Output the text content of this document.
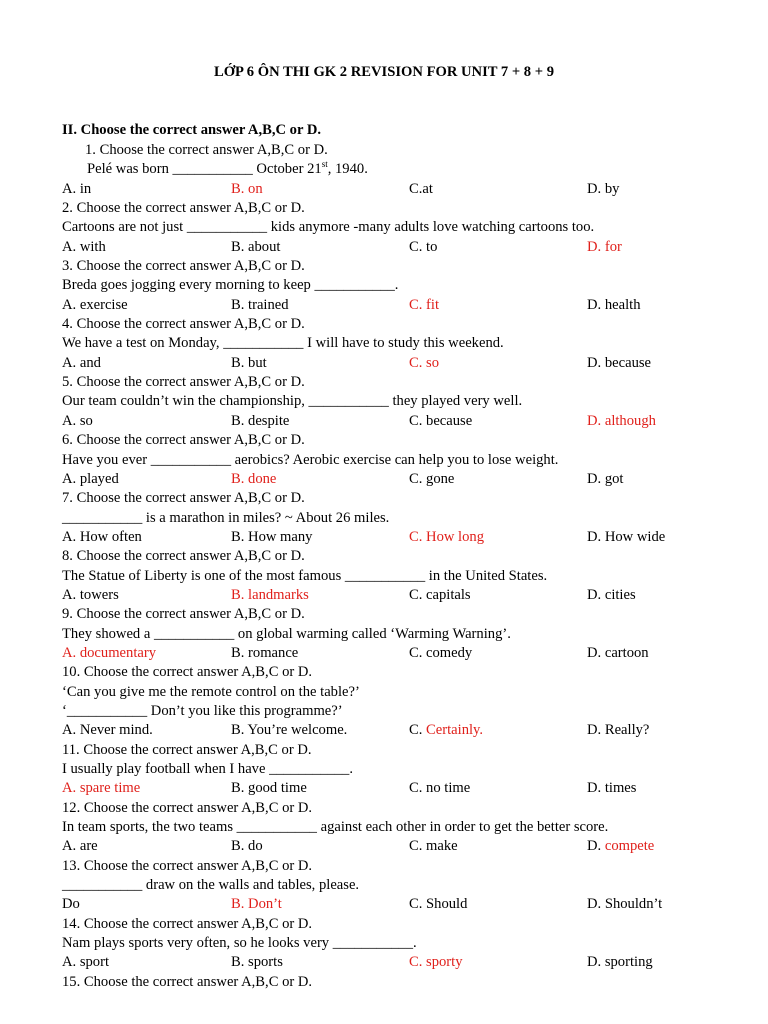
LỚP 6 ÔN THI GK 2 REVISION FOR UNIT 7 + 8 + 9
II. Choose the correct answer A,B,C or D.
1. Choose the correct answer A,B,C or D.
Pelé was born ___________ October 21st, 1940.
A. in	B. on	C.at	D. by
2. Choose the correct answer A,B,C or D.
Cartoons are not just ___________ kids anymore -many adults love watching cartoons too.
A. with	B. about	C. to	D. for
3. Choose the correct answer A,B,C or D.
Breda goes jogging every morning to keep ___________.
A. exercise	B. trained	C. fit	D. health
4. Choose the correct answer A,B,C or D.
We have a test on Monday, ___________ I will have to study this weekend.
A. and	B. but	C. so	D. because
5. Choose the correct answer A,B,C or D.
Our team couldn’t win the championship, ___________ they played very well.
A. so	B. despite	C. because	D. although
6. Choose the correct answer A,B,C or D.
Have you ever ___________ aerobics? Aerobic exercise can help you to lose weight.
A. played	B. done	C. gone	D. got
7. Choose the correct answer A,B,C or D.
___________ is a marathon in miles? ~ About 26 miles.
A. How often	B. How many	C. How long	D. How wide
8. Choose the correct answer A,B,C or D.
The Statue of Liberty is one of the most famous ___________ in the United States.
A. towers	B. landmarks	C. capitals	D. cities
9. Choose the correct answer A,B,C or D.
They showed a ___________ on global warming called ‘Warming Warning’.
A. documentary	B. romance	C. comedy	D. cartoon
10. Choose the correct answer A,B,C or D.
‘Can you give me the remote control on the table?’
‘___________ Don’t you like this programme?’
A. Never mind.	B. You’re welcome.	C. Certainly.	D. Really?
11. Choose the correct answer A,B,C or D.
I usually play football when I have ___________.
A. spare time	B. good time	C. no time	D. times
12. Choose the correct answer A,B,C or D.
In team sports, the two teams ___________ against each other in order to get the better score.
A. are	B. do	C. make	D. compete
13. Choose the correct answer A,B,C or D.
___________ draw on the walls and tables, please.
Do	B. Don’t	C. Should	D. Shouldn’t
14. Choose the correct answer A,B,C or D.
Nam plays sports very often, so he looks very ___________.
A. sport	B. sports	C. sporty	D. sporting
15. Choose the correct answer A,B,C or D.
